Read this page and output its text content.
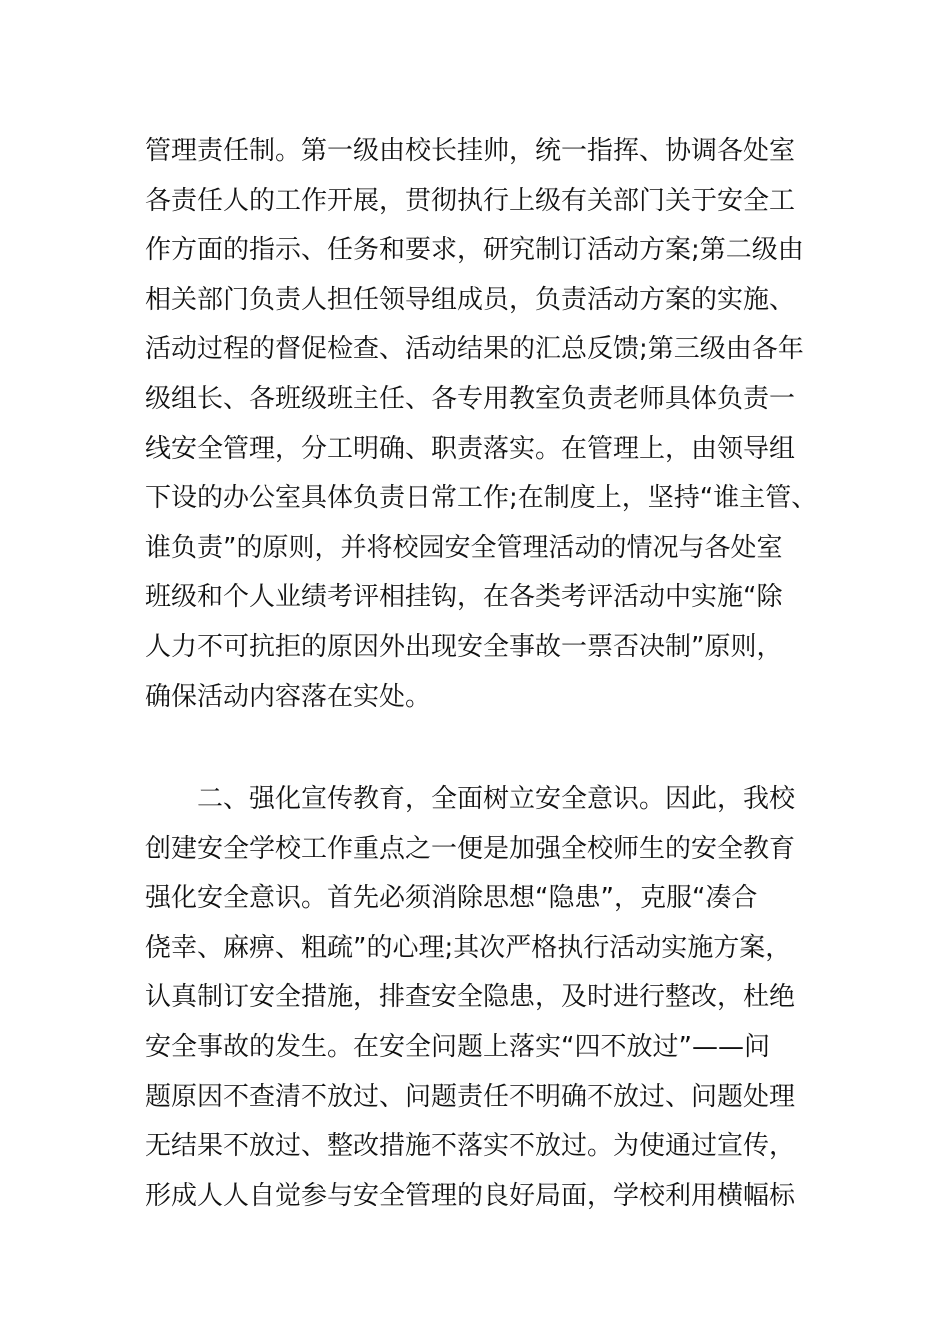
管理责任制。第一级由校长挂帅，统一指挥、协调各处室
各责任人的工作开展，贯彻执行上级有关部门关于安全工
作方面的指示、任务和要求，研究制订活动方案;第二级由
相关部门负责人担任领导组成员，负责活动方案的实施、
活动过程的督促检查、活动结果的汇总反馈;第三级由各年
级组长、各班级班主任、各专用教室负责老师具体负责一
线安全管理，分工明确、职责落实。在管理上，由领导组
下设的办公室具体负责日常工作;在制度上，坚持“谁主管、
谁负责”的原则，并将校园安全管理活动的情况与各处室
班级和个人业绩考评相挂钩，在各类考评活动中实施“除
人力不可抗拒的原因外出现安全事故一票否决制”原则，
确保活动内容落在实处。
二、强化宣传教育，全面树立安全意识。因此，我校
创建安全学校工作重点之一便是加强全校师生的安全教育
强化安全意识。首先必须消除思想“隐患”，克服“凑合
侥幸、麻痹、粗疏”的心理;其次严格执行活动实施方案，
认真制订安全措施，排查安全隐患，及时进行整改，杜绝
安全事故的发生。在安全问题上落实“四不放过”——问
题原因不查清不放过、问题责任不明确不放过、问题处理
无结果不放过、整改措施不落实不放过。为使通过宣传，
形成人人自觉参与安全管理的良好局面，学校利用横幅标
